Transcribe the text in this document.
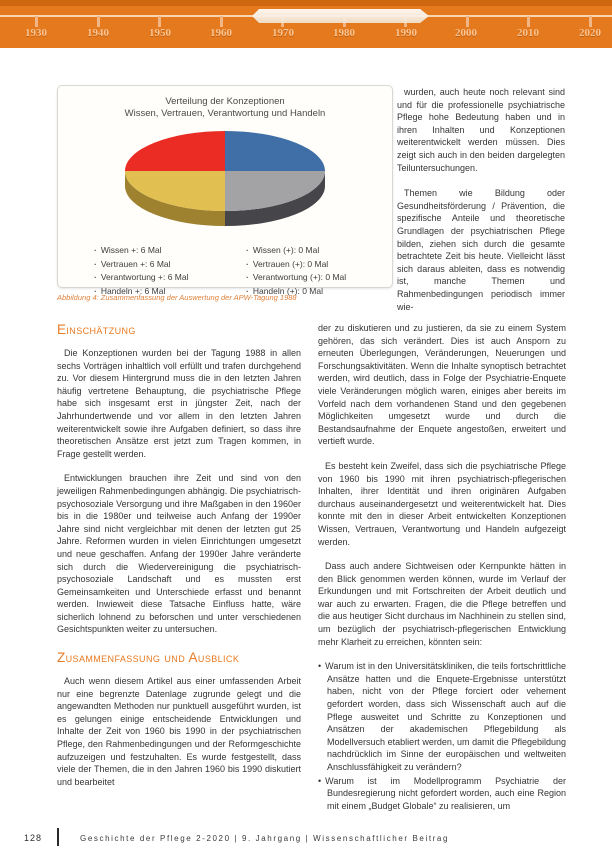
1930	1940	1950	1960	1970	1980	1990	2000	2010	2020
Verteilung der Konzeptionen
Wissen, Vertrauen, Verantwortung und Handeln
· Wissen +: 6 Mal
· Vertrauen +: 6 Mal
· Verantwortung +: 6 Mal
· Handeln +: 6 Mal
· Wissen (+): 0 Mal
· Vertrauen (+): 0 Mal
· Verantwortung (+): 0 Mal
· Handeln (+): 0 Mal
Abbildung 4: Zusammenfassung der Auswertung der APW-Tagung 1988

wurden, auch heute noch relevant sind und für die professionelle psychiatrische Pflege hohe Bedeutung haben und in ihren Inhalten und Konzeptionen weiterentwickelt werden müssen. Dies zeigt sich auch in den beiden dargelegten Teiluntersuchungen.

Themen wie Bildung oder Gesundheitsförderung / Prävention, die spezifische Anteile und theoretische Grundlagen der psychiatrischen Pflege bilden, ziehen sich durch die gesamte betrachtete Zeit bis heute. Vielleicht lässt sich daraus ableiten, dass es notwendig ist, manche Themen und Rahmenbedingungen periodisch immer wie-

Einschätzung

Die Konzeptionen wurden bei der Tagung 1988 in allen sechs Vorträgen inhaltlich voll erfüllt und trafen durchgehend zu. Vor diesem Hintergrund muss die in den letzten Jahren häufig vertretene Behauptung, die psychiatrische Pflege habe sich insgesamt erst in jüngster Zeit, nach der Jahrhundertwende und vor allem in den letzten Jahren weiterentwickelt sowie ihre Aufgaben definiert, so dass ihre theoretischen Ansätze erst jetzt zum Tragen kommen, in Frage gestellt werden.

Entwicklungen brauchen ihre Zeit und sind von den jeweiligen Rahmenbedingungen abhängig. Die psychiatrisch-psychosoziale Versorgung und ihre Maßgaben in den 1960er bis in die 1980er und teilweise auch Anfang der 1990er Jahre sind nicht vergleichbar mit denen der letzten gut 25 Jahre. Reformen wurden in vielen Einrichtungen umgesetzt und neue geschaffen. Anfang der 1990er Jahre veränderte sich durch die Wiedervereinigung die psychiatrisch-psychosoziale Landschaft und es mussten erst Gemeinsamkeiten und Unterschiede erfasst und benannt werden. Inwieweit diese Tatsache Einfluss hatte, wäre sicherlich lohnend zu beforschen und unter verschiedenen Gesichtspunkten weiter zu untersuchen.

Zusammenfassung und Ausblick

Auch wenn diesem Artikel aus einer umfassenden Arbeit nur eine begrenzte Datenlage zugrunde gelegt und die angewandten Methoden nur punktuell ausgeführt wurden, ist es gelungen einige entscheidende Entwicklungen und Inhalte der Zeit von 1960 bis 1990 in der psychiatrischen Pflege, den Rahmenbedingungen und der Reformgeschichte aufzuzeigen und festzuhalten. Es wurde festgestellt, dass viele der Themen, die in den Jahren 1960 bis 1990 diskutiert und bearbeitet

der zu diskutieren und zu justieren, da sie zu einem System gehören, das sich verändert. Dies ist auch Ansporn zu erneuten Überlegungen, Veränderungen, Neuerungen und Forschungsaktivitäten. Wenn die Inhalte synoptisch betrachtet werden, wird deutlich, dass in Folge der Psychiatrie-Enquete viele Veränderungen möglich waren, einiges aber bereits im Vorfeld nach dem vorhandenen Stand und den gegebenen Möglichkeiten umgesetzt wurde und durch die Bestandsaufnahme der Enquete angestoßen, erweitert und vertieft wurde.

Es besteht kein Zweifel, dass sich die psychiatrische Pflege von 1960 bis 1990 mit ihren psychiatrisch-pflegerischen Inhalten, ihrer Identität und ihren originären Aufgaben durchaus auseinandergesetzt und weiterentwickelt hat. Dies konnte mit den in dieser Arbeit entwickelten Konzeptionen Wissen, Vertrauen, Verantwortung und Handeln aufgezeigt werden.

Dass auch andere Sichtweisen oder Kernpunkte hätten in den Blick genommen werden können, wurde im Verlauf der Erkundungen und mit Fortschreiten der Arbeit deutlich und war auch zu erwarten. Fragen, die die Pflege betreffen und die aus heutiger Sicht durchaus im Nachhinein zu stellen sind, um bezüglich der psychiatrisch-pflegerischen Entwicklung mehr Klarheit zu erreichen, könnten sein:

• Warum ist in den Universitätskliniken, die teils fortschrittliche Ansätze hatten und die Enquete-Ergebnisse unterstützt haben, nicht von der Pflege forciert oder vehement gefordert worden, dass sich Wissenschaft auch auf die Pflege ausweitet und Schritte zu Konzeptionen und Ansätzen der akademischen Pflegebildung als Modellversuch etabliert werden, um damit die Pflegebildung nachdrücklich im Sinne der europäischen und weltweiten Anschlussfähigkeit zu verändern?
• Warum ist im Modellprogramm Psychiatrie der Bundesregierung nicht gefordert worden, auch eine Region mit einem „Budget Globale“ zu realisieren, um
128	Geschichte der Pflege 2-2020 | 9. Jahrgang | Wissenschaftlicher Beitrag
